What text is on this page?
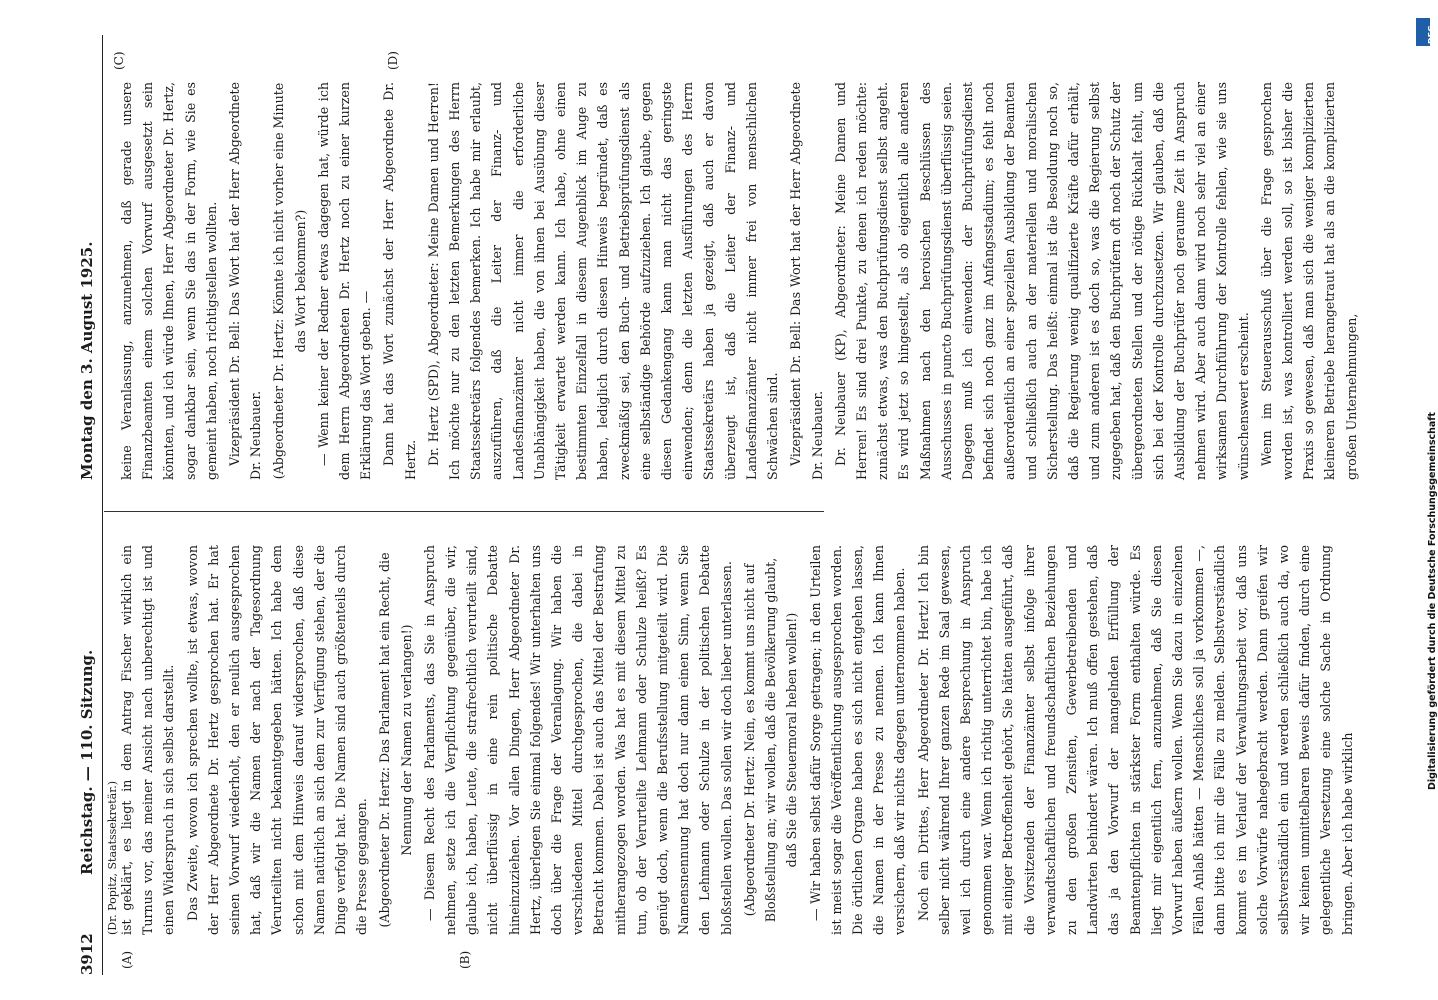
3912
Reichstag. — 110. Sitzung.
Montag den 3. August 1925.
(Dr. Popitz, Staatssekretär.)
(A)	(B)
(C)	(D)

ist geklärt, es liegt in dem Antrag Fischer wirklich ein Turnus vor, das meiner Ansicht nach unberechtigt ist und einen Widerspruch in sich selbst darstellt. Das Zweite, wovon ich sprechen wollte, ist etwas, wovon der Herr Abgeordnete Dr. Hertz gesprochen hat. Er hat seinen Vorwurf wiederholt, den er neulich ausgesprochen hat, daß wir die Namen der nach der Tagesordnung Verurteilten nicht bekanntgegeben hätten. Ich habe dem schon mit dem Hinweis darauf widersprochen, daß diese Namen natürlich an sich dem zur Verfügung stehen, der die Dinge verfolgt hat. Die Namen sind auch größtenteils durch die Presse gegangen. (Abgeordneter Dr. Hertz: Das Parlament hat ein Recht, die Nennung der Namen zu verlangen!) — Diesem Recht des Parlaments, das Sie in Anspruch nehmen, setze ich die Verpflichtung gegenüber, die wir, glaube ich, haben, Leute, die strafrechtlich verurteilt sind, nicht überflüssig in eine rein politische Debatte hineinzuziehen. Vor allen Dingen, Herr Abgeordneter Dr. Hertz, überlegen Sie einmal folgendes! Wir unterhalten uns doch über die Frage der Veranlagung. Wir haben die verschiedenen Mittel durchgesprochen, die dabei in Betracht kommen. Dabei ist auch das Mittel der Bestrafung mitherangezogen worden. Was hat es mit diesem Mittel zu tun, ob der Verurteilte Lehmann oder Schulze heißt? Es genügt doch, wenn die Berufsstellung mitgeteilt wird. Die Namensnennung hat doch nur dann einen Sinn, wenn Sie den Lehmann oder Schulze in der politischen Debatte bloßstellen wollen. Das sollen wir doch lieber unterlassen. (Abgeordneter Dr. Hertz: Nein, es kommt uns nicht auf Bloßstellung an; wir wollen, daß die Bevölkerung glaubt, daß Sie die Steuermoral heben wollen!) — Wir haben selbst dafür Sorge getragen; in den Urteilen ist meist sogar die Veröffentlichung ausgesprochen worden. Die örtlichen Organe haben es sich nicht entgehen lassen, die Namen in der Presse zu nennen. Ich kann Ihnen versichern, daß wir nichts dagegen unternommen haben. Noch ein Drittes, Herr Abgeordneter Dr. Hertz! Ich bin selber nicht während Ihrer ganzen Rede im Saal gewesen, weil ich durch eine andere Besprechung in Anspruch genommen war. Wenn ich richtig unterrichtet bin, habe ich mit einiger Betroffenheit gehört, Sie hätten ausgeführt, daß die Vorsitzenden der Finanzämter selbst infolge ihrer verwandtschaftlichen und freundschaftlichen Beziehungen zu den großen Zensiten, Gewerbetreibenden und Landwirten behindert wären. Ich muß offen gestehen, daß das ja den Vorwurf der mangelnden Erfüllung der Beamtenpflichten in stärkster Form enthalten würde. Es liegt mir eigentlich fern, anzunehmen, daß Sie diesen Vorwurf haben äußern wollen. Wenn Sie dazu in einzelnen Fällen Anlaß hätten — Menschliches soll ja vorkommen —, dann bitte ich mir die Fälle zu melden. Selbstverständlich kommt es im Verlauf der Verwaltungsarbeit vor, daß uns solche Vorwürfe nahegebracht werden. Dann greifen wir selbstverständlich ein und werden schließlich auch da, wo wir keinen unmittelbaren Beweis dafür finden, durch eine gelegentliche Versetzung eine solche Sache in Ordnung bringen. Aber ich habe wirklich

keine Veranlassung, anzunehmen, daß gerade unsere Finanzbeamten einem solchen Vorwurf ausgesetzt sein könnten, und ich würde Ihnen, Herr Abgeordneter Dr. Hertz, sogar dankbar sein, wenn Sie das in der Form, wie Sie es gemeint haben, noch richtigstellen wollten. Vizepräsident Dr. Bell: Das Wort hat der Herr Abgeordnete Dr. Neubauer. (Abgeordneter Dr. Hertz: Könnte ich nicht vorher eine Minute das Wort bekommen?) — Wenn keiner der Redner etwas dagegen hat, würde ich dem Herrn Abgeordneten Dr. Hertz noch zu einer kurzen Erklärung das Wort geben. — Dann hat das Wort zunächst der Herr Abgeordnete Dr. Hertz. Dr. Hertz (SPD), Abgeordneter: Meine Damen und Herren! Ich möchte nur zu den letzten Bemerkungen des Herrn Staatssekretärs folgendes bemerken. Ich habe mir erlaubt, auszuführen, daß die Leiter der Finanz- und Landesfinanzämter nicht immer die erforderliche Unabhängigkeit haben, die von ihnen bei Ausübung dieser Tätigkeit erwartet werden kann. Ich habe, ohne einen bestimmten Einzelfall in diesem Augenblick im Auge zu haben, lediglich durch diesen Hinweis begründet, daß es zweckmäßig sei, den Buch- und Betriebsprüfungsdienst als eine selbständige Behörde aufzuziehen. Ich glaube, gegen diesen Gedankengang kann man nicht das geringste einwenden; denn die letzten Ausführungen des Herrn Staatssekretärs haben ja gezeigt, daß auch er davon überzeugt ist, daß die Leiter der Finanz- und Landesfinanzämter nicht immer frei von menschlichen Schwächen sind. Vizepräsident Dr. Bell: Das Wort hat der Herr Abgeordnete Dr. Neubauer. Dr. Neubauer (KP), Abgeordneter: Meine Damen und Herren! Es sind drei Punkte, zu denen ich reden möchte: zunächst etwas, was den Buchprüfungsdienst selbst angeht. Es wird jetzt so hingestellt, als ob eigentlich alle anderen Maßnahmen nach den heroischen Beschlüssen des Ausschusses in puncto Buchprüfungsdienst überflüssig seien. Dagegen muß ich einwenden: der Buchprüfungsdienst befindet sich noch ganz im Anfangsstadium; es fehlt noch außerordentlich an einer speziellen Ausbildung der Beamten und schließlich auch an der materiellen und moralischen Sicherstellung. Das heißt: einmal ist die Besoldung noch so, daß die Regierung wenig qualifizierte Kräfte dafür erhält, und zum anderen ist es doch so, was die Regierung selbst zugegeben hat, daß den Buchprüfern oft noch der Schutz der übergeordneten Stellen und der nötige Rückhalt fehlt, um sich bei der Kontrolle durchzusetzen. Wir glauben, daß die Ausbildung der Buchprüfer noch geraume Zeit in Anspruch nehmen wird. Aber auch dann wird noch sehr viel an einer wirksamen Durchführung der Kontrolle fehlen, wie sie uns wünschenswert erscheint. Wenn im Steuerausschuß über die Frage gesprochen worden ist, was kontrolliert werden soll, so ist bisher die Praxis so gewesen, daß man sich die weniger komplizierten kleineren Betriebe herangetraut hat als an die komplizierten großen Unternehmungen,

DFG
Digitalisierung gefördert durch die Deutsche Forschungsgemeinschaft
